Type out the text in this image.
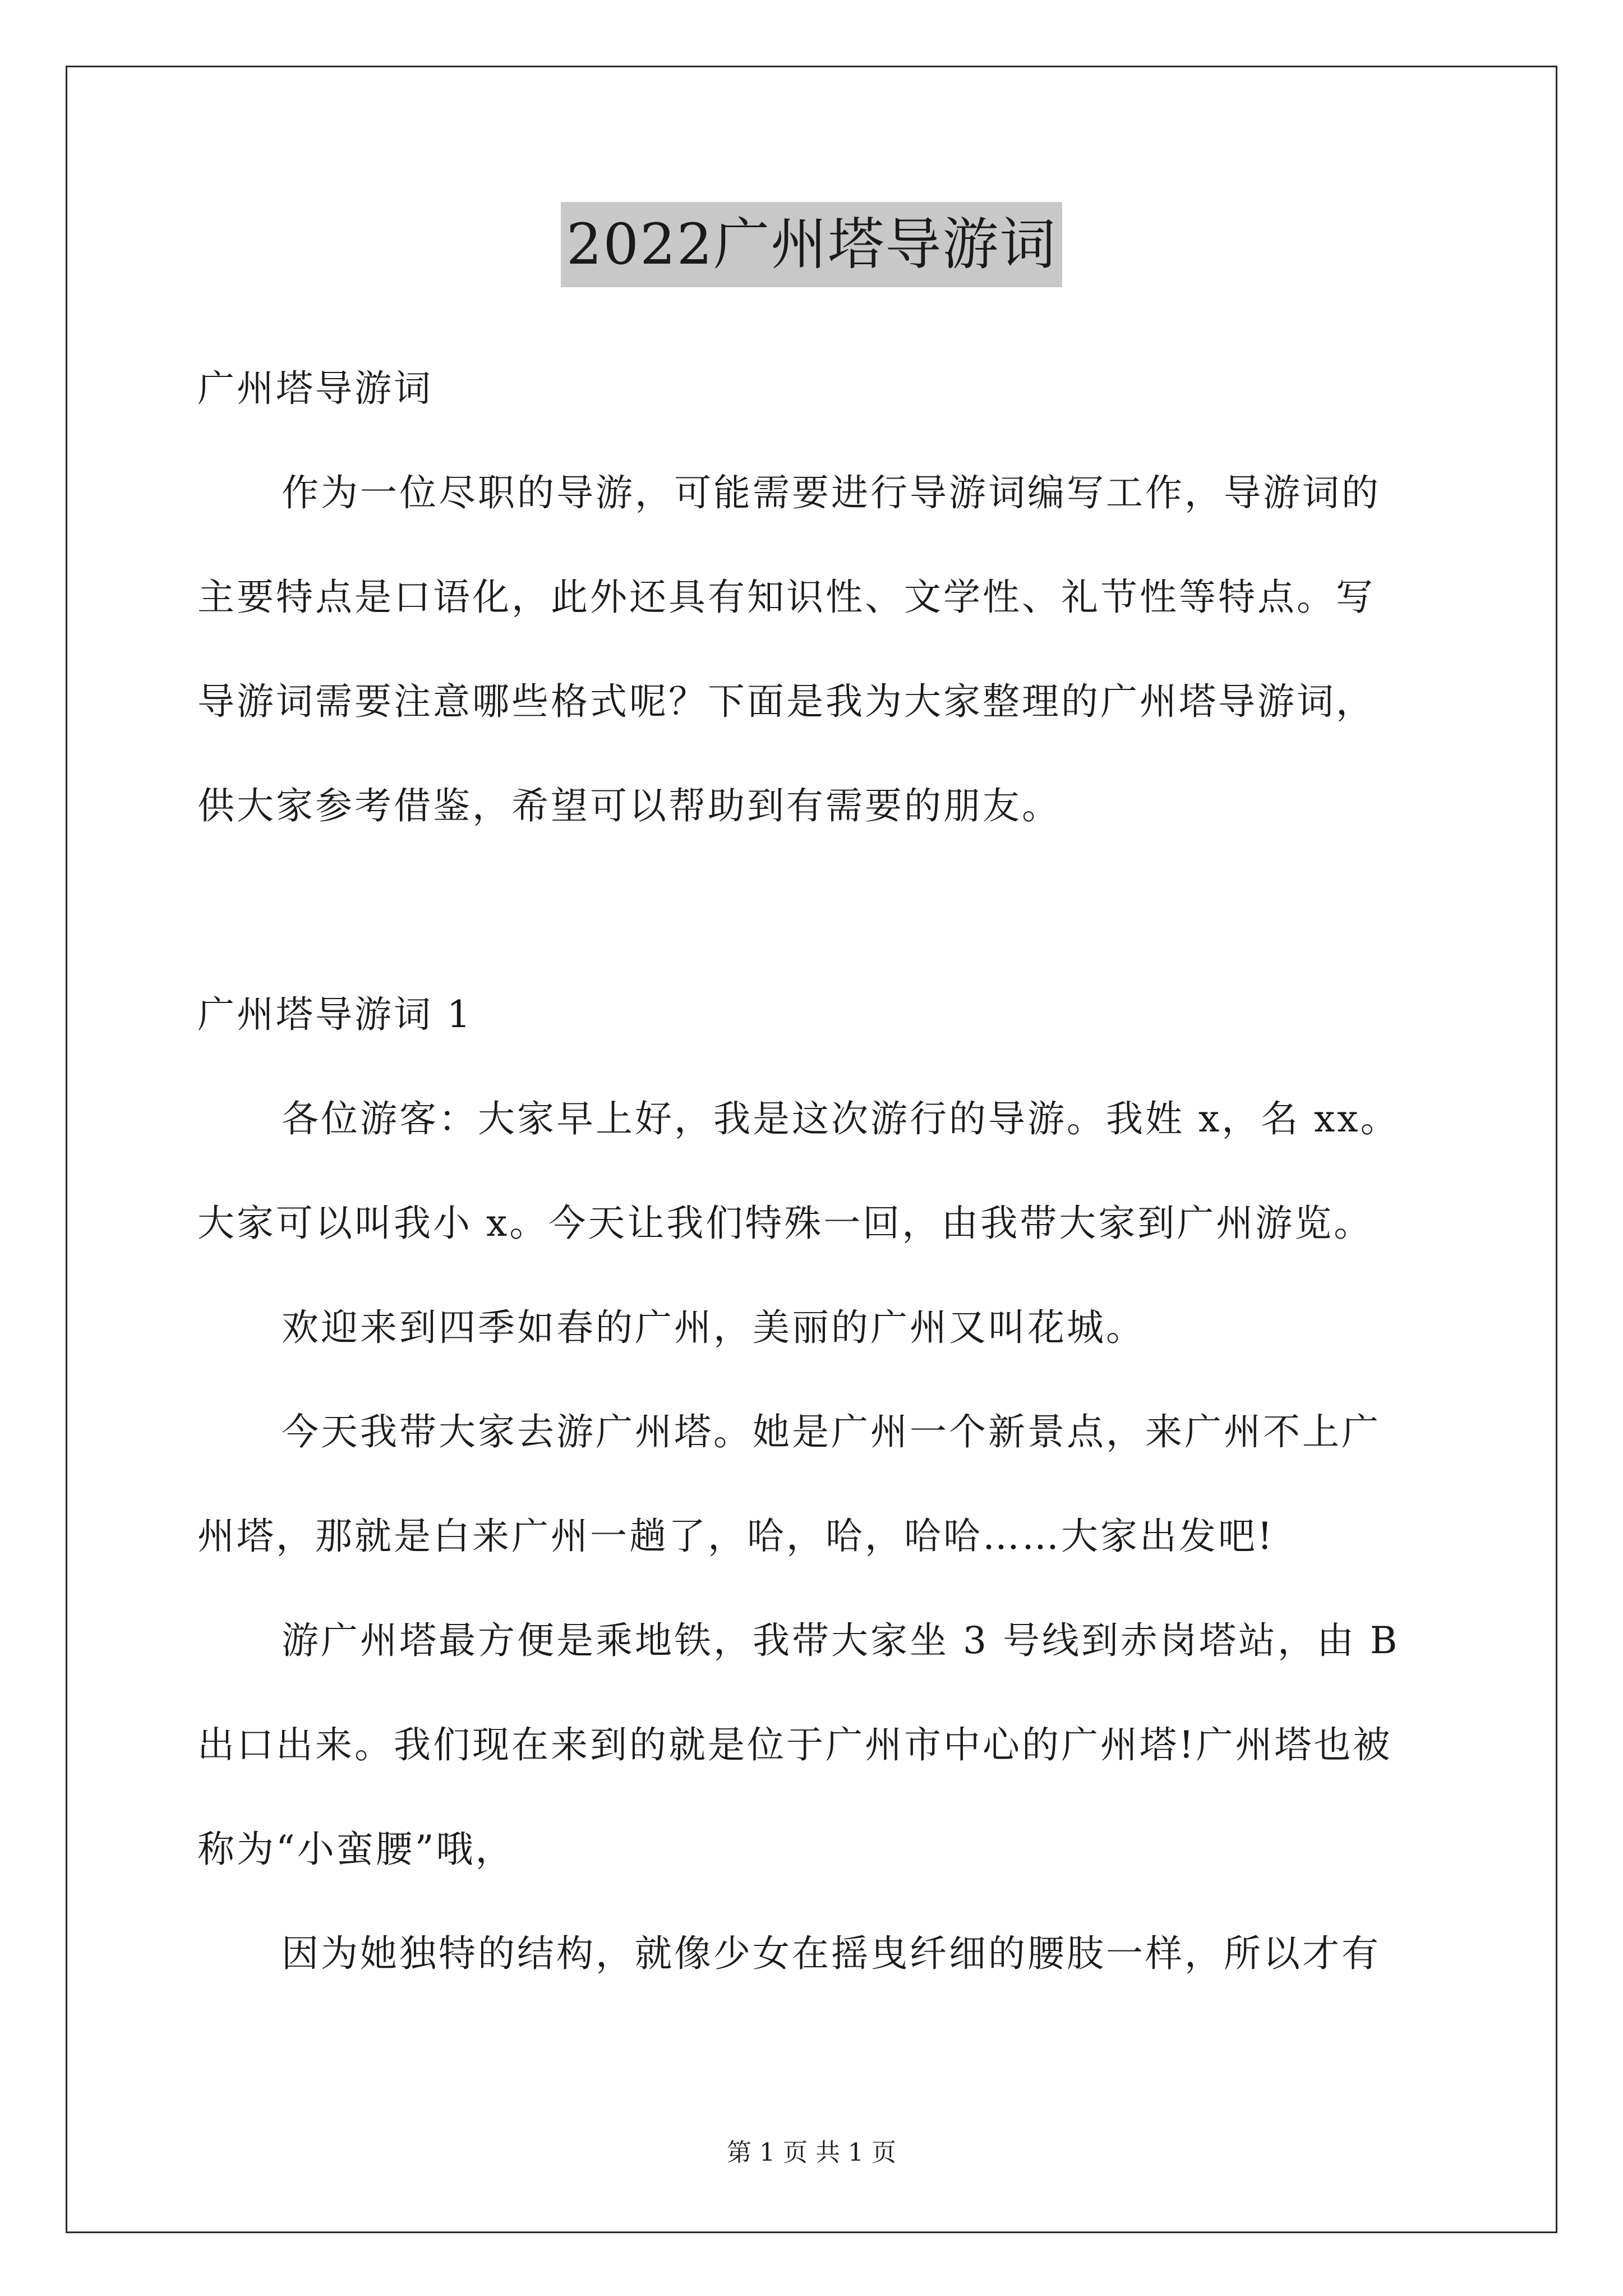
2022广州塔导游词
广州塔导游词
作为一位尽职的导游，可能需要进行导游词编写工作，导游词的
主要特点是口语化，此外还具有知识性、文学性、礼节性等特点。写
导游词需要注意哪些格式呢？下面是我为大家整理的广州塔导游词，
供大家参考借鉴，希望可以帮助到有需要的朋友。
广州塔导游词 1
各位游客：大家早上好，我是这次游行的导游。我姓 x，名 xx。
大家可以叫我小 x。今天让我们特殊一回，由我带大家到广州游览。
欢迎来到四季如春的广州，美丽的广州又叫花城。
今天我带大家去游广州塔。她是广州一个新景点，来广州不上广
州塔，那就是白来广州一趟了，哈，哈，哈哈……大家出发吧!
游广州塔最方便是乘地铁，我带大家坐 3 号线到赤岗塔站，由 B
出口出来。我们现在来到的就是位于广州市中心的广州塔!广州塔也被
称为“小蛮腰”哦，
因为她独特的结构，就像少女在摇曳纤细的腰肢一样，所以才有
第 1 页 共 1 页
